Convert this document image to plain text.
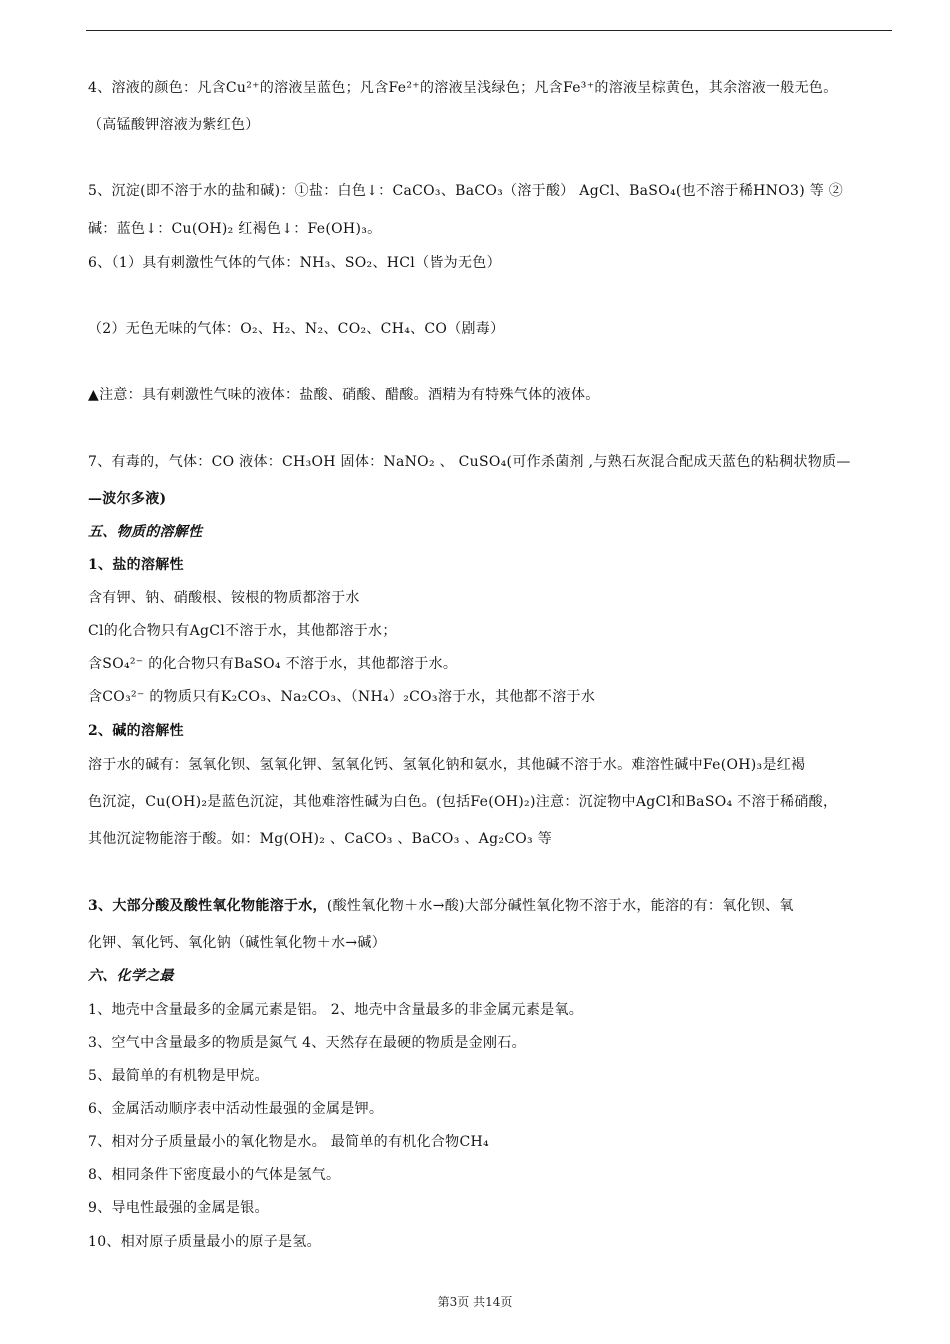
4、溶液的颜色：凡含Cu²⁺的溶液呈蓝色；凡含Fe²⁺的溶液呈浅绿色；凡含Fe³⁺的溶液呈棕黄色，其余溶液一般无色。
（高锰酸钾溶液为紫红色）
5、沉淀(即不溶于水的盐和碱)：①盐：白色↓：CaCO₃、BaCO₃（溶于酸） AgCl、BaSO₄(也不溶于稀HNO3) 等 ②
碱：蓝色↓：Cu(OH)₂ 红褐色↓：Fe(OH)₃。
6、（1）具有刺激性气体的气体：NH₃、SO₂、HCl（皆为无色）
（2）无色无味的气体：O₂、H₂、N₂、CO₂、CH₄、CO（剧毒）
▲注意：具有刺激性气味的液体：盐酸、硝酸、醋酸。酒精为有特殊气体的液体。
7、有毒的，气体：CO 液体：CH₃OH 固体：NaNO₂ 、 CuSO₄(可作杀菌剂 ,与熟石灰混合配成天蓝色的粘稠状物质—
—波尔多液)
五、物质的溶解性
1、盐的溶解性
含有钾、钠、硝酸根、铵根的物质都溶于水
Cl的化合物只有AgCl不溶于水，其他都溶于水；
含SO₄²⁻ 的化合物只有BaSO₄ 不溶于水，其他都溶于水。
含CO₃²⁻ 的物质只有K₂CO₃、Na₂CO₃、（NH₄）₂CO₃溶于水，其他都不溶于水
2、碱的溶解性
溶于水的碱有：氢氧化钡、氢氧化钾、氢氧化钙、氢氧化钠和氨水，其他碱不溶于水。难溶性碱中Fe(OH)₃是红褐
色沉淀，Cu(OH)₂是蓝色沉淀，其他难溶性碱为白色。(包括Fe(OH)₂)注意：沉淀物中AgCl和BaSO₄ 不溶于稀硝酸，
其他沉淀物能溶于酸。如：Mg(OH)₂ 、CaCO₃ 、BaCO₃ 、Ag₂CO₃ 等
3、大部分酸及酸性氧化物能溶于水，(酸性氧化物＋水→酸)大部分碱性氧化物不溶于水，能溶的有：氧化钡、氧
化钾、氧化钙、氧化钠（碱性氧化物＋水→碱）
六、化学之最
1、地壳中含量最多的金属元素是铝。 2、地壳中含量最多的非金属元素是氧。
3、空气中含量最多的物质是氮气 4、天然存在最硬的物质是金刚石。
5、最简单的有机物是甲烷。
6、金属活动顺序表中活动性最强的金属是钾。
7、相对分子质量最小的氧化物是水。 最简单的有机化合物CH₄
8、相同条件下密度最小的气体是氢气。
9、导电性最强的金属是银。
10、相对原子质量最小的原子是氢。
第3页 共14页
